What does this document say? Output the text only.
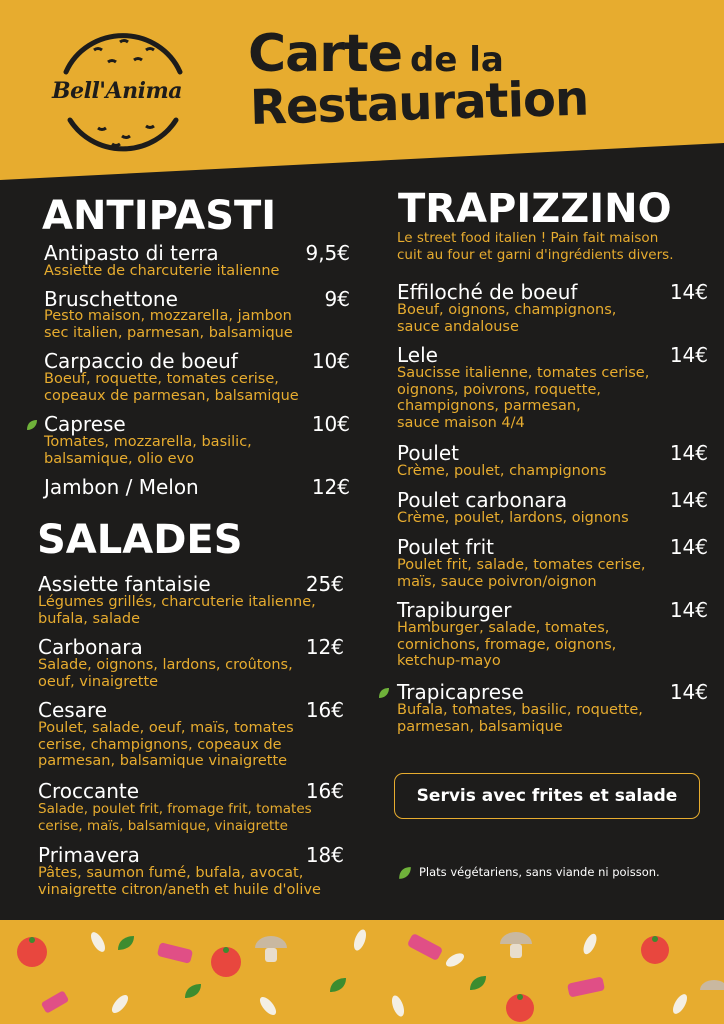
Bell'Anima
Carte de la
Restauration
ANTIPASTI
Antipasto di terra	9,5€
Assiette de charcuterie italienne
Bruschettone	9€
Pesto maison, mozzarella, jambon
sec italien, parmesan, balsamique
Carpaccio de boeuf	10€
Boeuf, roquette, tomates cerise,
copeaux de parmesan, balsamique
Caprese	10€
Tomates, mozzarella, basilic,
balsamique, olio evo
Jambon / Melon	12€
SALADES
Assiette fantaisie	25€
Légumes grillés, charcuterie italienne,
bufala, salade
Carbonara	12€
Salade, oignons, lardons, croûtons,
oeuf, vinaigrette
Cesare	16€
Poulet, salade, oeuf, maïs, tomates
cerise, champignons, copeaux de
parmesan, balsamique vinaigrette
Croccante	16€
Salade, poulet frit, fromage frit, tomates
cerise, maïs, balsamique, vinaigrette
Primavera	18€
Pâtes, saumon fumé, bufala, avocat,
vinaigrette citron/aneth et huile d'olive
TRAPIZZINO
Le street food italien ! Pain fait maison
cuit au four et garni d'ingrédients divers.
Effiloché de boeuf	14€
Boeuf, oignons, champignons,
sauce andalouse
Lele	14€
Saucisse italienne, tomates cerise,
oignons, poivrons, roquette,
champignons, parmesan,
sauce maison 4/4
Poulet	14€
Crème, poulet, champignons
Poulet carbonara	14€
Crème, poulet, lardons, oignons
Poulet frit	14€
Poulet frit, salade, tomates cerise,
maïs, sauce poivron/oignon
Trapiburger	14€
Hamburger, salade, tomates,
cornichons, fromage, oignons,
ketchup-mayo
Trapicaprese	14€
Bufala, tomates, basilic, roquette,
parmesan, balsamique
Servis avec frites et salade
Plats végétariens, sans viande ni poisson.
